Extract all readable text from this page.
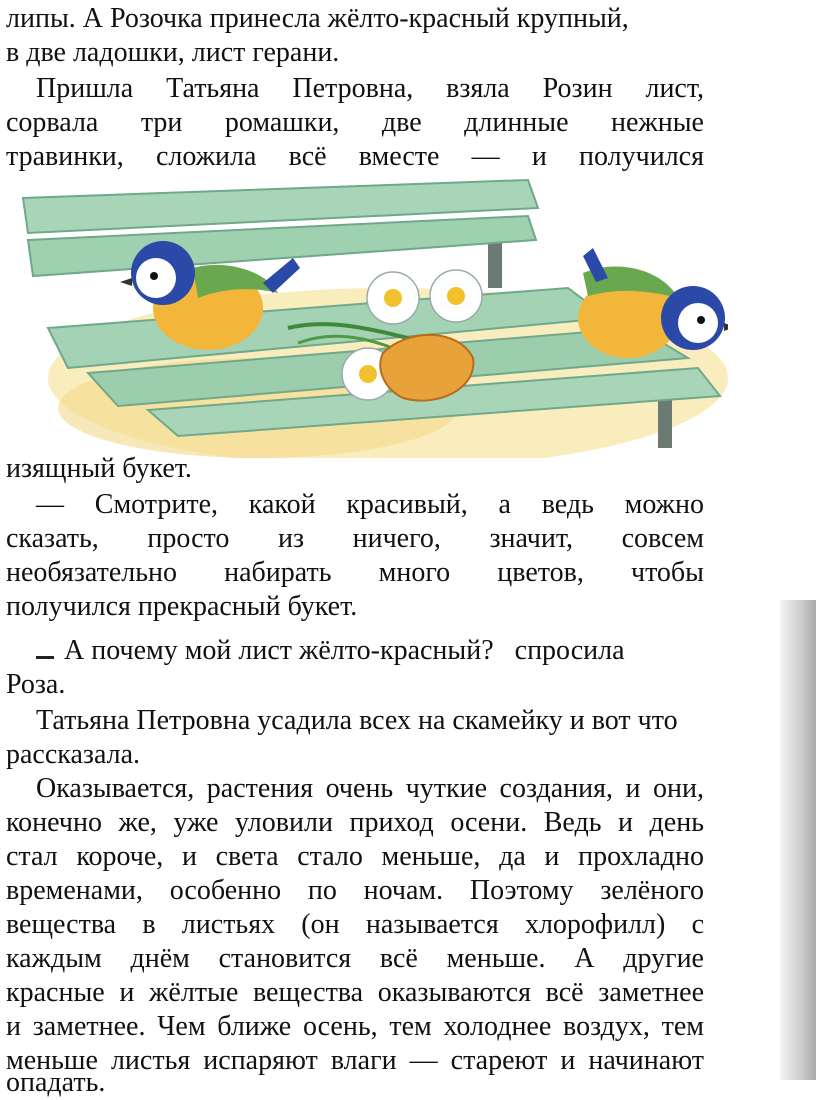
липы. А Розочка принесла жёлто-красный крупный,
в две ладошки, лист герани.
Пришла Татьяна Петровна, взяла Розин лист,
сорвала три ромашки, две длинные нежные
травинки, сложила всё вместе — и получился
изящный букет.
— Смотрите, какой красивый, а ведь можно
сказать, просто из ничего, значит, совсем
необязательно набирать много цветов, чтобы
получился прекрасный букет.
А почему мой лист жёлто-красный?   спросила
Роза.
Татьяна Петровна усадила всех на скамейку и вот что
рассказала.
Оказывается, растения очень чуткие создания, и они,
конечно же, уже уловили приход осени. Ведь и день
стал короче, и света стало меньше, да и прохладно
временами, особенно по ночам. Поэтому зелёного
вещества в листьях (он называется хлорофилл) с
каждым днём становится всё меньше. А другие
красные и жёлтые вещества оказываются всё заметнее
и заметнее. Чем ближе осень, тем холоднее воздух, тем
меньше листья испаряют влаги — стареют и начинают
опадать.
